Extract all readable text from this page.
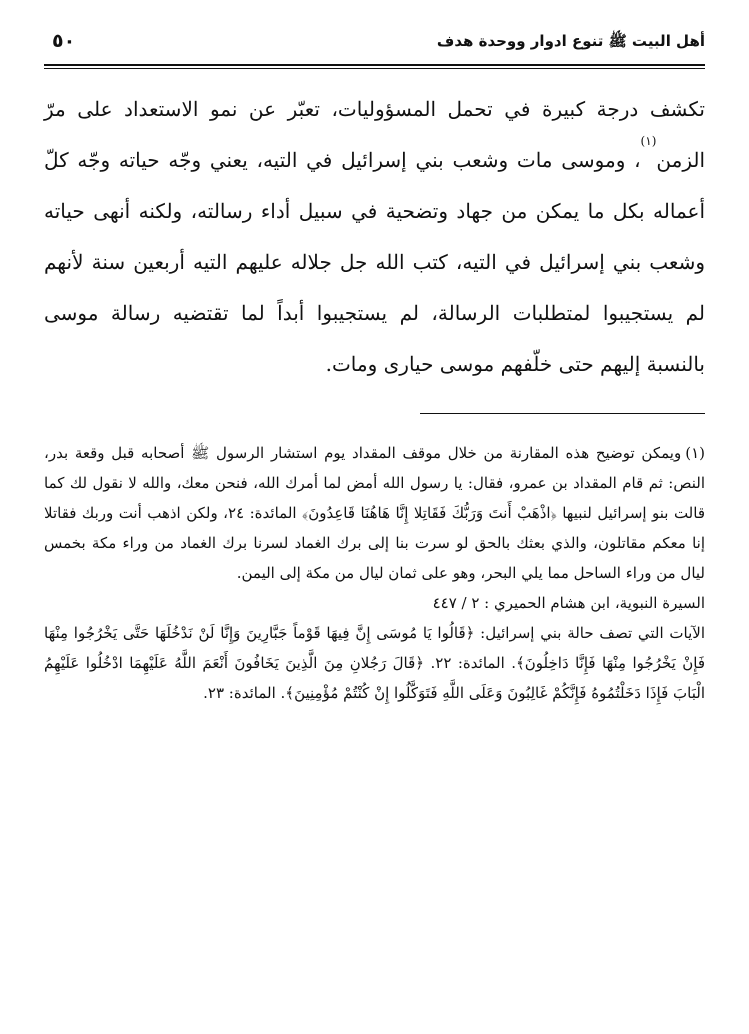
أهل البيت ﷺ تنوع ادوار ووحدة هدف
٥٠

تكشف درجة كبيرة في تحمل المسؤوليات، تعبّر عن نمو الاستعداد على مرّ الزمن$^{(١)}$، وموسى مات وشعب بني إسرائيل في التيه، يعني وجّه حياته وجّه كلّ أعماله بكل ما يمكن من جهاد وتضحية في سبيل أداء رسالته، ولكنه أنهى حياته وشعب بني إسرائيل في التيه، كتب الله جل جلاله عليهم التيه أربعين سنة لأنهم لم يستجيبوا لمتطلبات الرسالة، لم يستجيبوا أبداً لما تقتضيه رسالة موسى بالنسبة إليهم حتى خلّفهم موسى حيارى ومات.

(١)ويمكن توضيح هذه المقارنة من خلال موقف المقداد يوم استشار الرسول ﷺ أصحابه قبل وقعة بدر، النص: ثم قام المقداد بن عمرو، فقال: يا رسول الله أمض لما أمرك الله، فنحن معك، والله لا نقول لك كما قالت بنو إسرائيل لنبيها ﴿اذْهَبْ أَنتَ وَرَبُّكَ فَقَاتِلا إِنَّا هَاهُنَا قَاعِدُونَ﴾ المائدة: ٢٤، ولكن اذهب أنت وربك فقاتلا إنا معكم مقاتلون، والذي بعثك بالحق لو سرت بنا إلى برك الغماد لسرنا برك الغماد من وراء مكة بخمس ليال من وراء الساحل مما يلي البحر، وهو على ثمان ليال من مكة إلى اليمن.

السيرة النبوية، ابن هشام الحميري : ٢ / ٤٤٧

الآيات التي تصف حالة بني إسرائيل: ﴿قَالُوا يَا مُوسَى إِنَّ فِيهَا قَوْماً جَبَّارِينَ وَإِنَّا لَنْ نَدْخُلَهَا حَتَّى يَخْرُجُوا مِنْهَا فَإِنْ يَخْرُجُوا مِنْهَا فَإِنَّا دَاخِلُونَ﴾. المائدة: ٢٢. ﴿قَالَ رَجُلانِ مِنَ الَّذِينَ يَخَافُونَ أَنْعَمَ اللَّهُ عَلَيْهِمَا ادْخُلُوا عَلَيْهِمُ الْبَابَ فَإِذَا دَخَلْتُمُوهُ فَإِنَّكُمْ غَالِبُونَ وَعَلَى اللَّهِ فَتَوَكَّلُوا إِنْ كُنْتُمْ مُؤْمِنِينَ﴾. المائدة: ٢٣.
